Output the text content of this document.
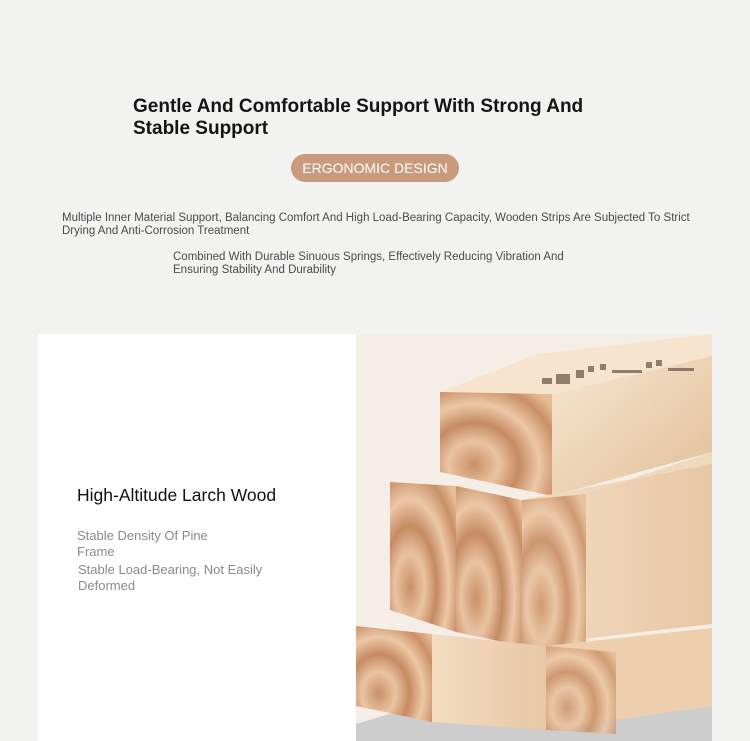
Gentle And Comfortable Support With Strong And Stable Support
ERGONOMIC DESIGN
Multiple Inner Material Support, Balancing Comfort And High Load-Bearing Capacity, Wooden Strips Are Subjected To Strict Drying And Anti-Corrosion Treatment
Combined With Durable Sinuous Springs, Effectively Reducing Vibration And Ensuring Stability And Durability
High-Altitude Larch Wood
Stable Density Of Pine Frame
Stable Load-Bearing, Not Easily Deformed
